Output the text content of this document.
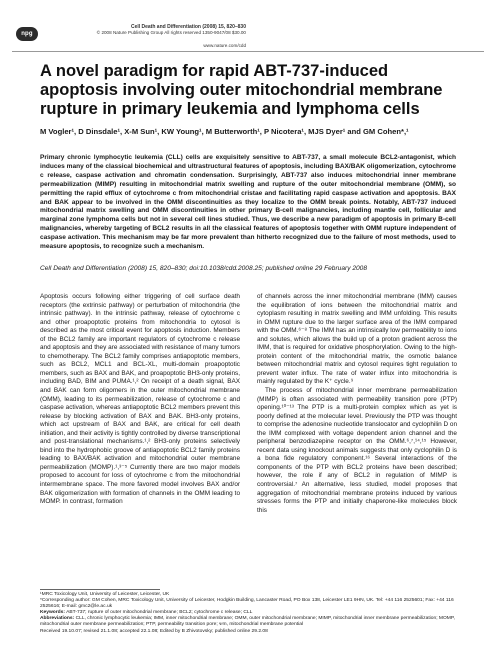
npg
Cell Death and Differentiation (2008) 15, 820–830
© 2008 Nature Publishing Group All rights reserved 1350-9047/08 $30.00
www.nature.com/cdd
A novel paradigm for rapid ABT-737-induced apoptosis involving outer mitochondrial membrane rupture in primary leukemia and lymphoma cells
M Vogler¹, D Dinsdale¹, X-M Sun¹, KW Young¹, M Butterworth¹, P Nicotera¹, MJS Dyer¹ and GM Cohen*,¹
Primary chronic lymphocytic leukemia (CLL) cells are exquisitely sensitive to ABT-737, a small molecule BCL2-antagonist, which induces many of the classical biochemical and ultrastructural features of apoptosis, including BAX/BAK oligomerization, cytochrome c release, caspase activation and chromatin condensation. Surprisingly, ABT-737 also induces mitochondrial inner membrane permeabilization (MIMP) resulting in mitochondrial matrix swelling and rupture of the outer mitochondrial membrane (OMM), so permitting the rapid efflux of cytochrome c from mitochondrial cristae and facilitating rapid caspase activation and apoptosis. BAX and BAK appear to be involved in the OMM discontinuities as they localize to the OMM break points. Notably, ABT-737 induced mitochondrial matrix swelling and OMM discontinuities in other primary B-cell malignancies, including mantle cell, follicular and marginal zone lymphoma cells but not in several cell lines studied. Thus, we describe a new paradigm of apoptosis in primary B-cell malignancies, whereby targeting of BCL2 results in all the classical features of apoptosis together with OMM rupture independent of caspase activation. This mechanism may be far more prevalent than hitherto recognized due to the failure of most methods, used to measure apoptosis, to recognize such a mechanism.
Cell Death and Differentiation (2008) 15, 820–830; doi:10.1038/cdd.2008.25; published online 29 February 2008

Apoptosis occurs following either triggering of cell surface death receptors (the extrinsic pathway) or perturbation of mitochondria (the intrinsic pathway). In the intrinsic pathway, release of cytochrome c and other proapoptotic proteins from mitochondria to cytosol is described as the most critical event for apoptosis induction. Members of the BCL2 family are important regulators of cytochrome c release and apoptosis and they are associated with resistance of many tumors to chemotherapy. The BCL2 family comprises antiapoptotic members, such as BCL2, MCL1 and BCL-XL, multi-domain proapoptotic members, such as BAX and BAK, and proapoptotic BH3-only proteins, including BAD, BIM and PUMA.¹,² On receipt of a death signal, BAX and BAK can form oligomers in the outer mitochondrial membrane (OMM), leading to its permeabilization, release of cytochrome c and caspase activation, whereas antiapoptotic BCL2 members prevent this release by blocking activation of BAX and BAK. BH3-only proteins, which act upstream of BAX and BAK, are critical for cell death initiation, and their activity is tightly controlled by diverse transcriptional and post-translational mechanisms.¹,² BH3-only proteins selectively bind into the hydrophobic groove of antiapoptotic BCL2 family proteins leading to BAX/BAK activation and mitochondrial outer membrane permeabilization (MOMP).¹,³⁻⁵ Currently there are two major models proposed to account for loss of cytochrome c from the mitochondrial intermembrane space. The more favored model involves BAX and/or BAK oligomerization with formation of channels in the OMM leading to MOMP. In contrast, formation

of channels across the inner mitochondrial membrane (IMM) causes the equilibration of ions between the mitochondrial matrix and cytoplasm resulting in matrix swelling and IMM unfolding. This results in OMM rupture due to the larger surface area of the IMM compared with the OMM.⁶⁻⁸ The IMM has an intrinsically low permeability to ions and solutes, which allows the build up of a proton gradient across the IMM, that is required for oxidative phosphorylation. Owing to the high-protein content of the mitochondrial matrix, the osmotic balance between mitochondrial matrix and cytosol requires tight regulation to prevent water influx. The rate of water influx into mitochondria is mainly regulated by the K⁺ cycle.⁹

The process of mitochondrial inner membrane permeabilization (MIMP) is often associated with permeability transition pore (PTP) opening.¹⁰⁻¹³ The PTP is a multi-protein complex which as yet is poorly defined at the molecular level. Previously the PTP was thought to comprise the adenosine nucleotide translocator and cyclophilin D on the IMM complexed with voltage dependent anion channel and the peripheral benzodiazepine receptor on the OMM.⁶,⁷,¹⁴,¹⁵ However, recent data using knockout animals suggests that only cyclophilin D is a bona fide regulatory component.¹⁶ Several interactions of the components of the PTP with BCL2 proteins have been described; however, the role if any of BCL2 in regulation of MIMP is controversial.⁷ An alternative, less studied, model proposes that aggregation of mitochondrial membrane proteins induced by various stresses forms the PTP and initially chaperone-like molecules block this

¹MRC Toxicology Unit, University of Leicester, Leicester, UK
*Corresponding author: GM Cohen, MRC Toxicology Unit, University of Leicester, Hodgkin Building, Lancaster Road, PO Box 138, Leicester LE1 9HN, UK. Tel: +44 116 2525601; Fax: +44 116 2525616; E-mail: gmc2@le.ac.uk
Keywords: ABT-737; rupture of outer mitochondrial membrane; BCL2; cytochrome c release; CLL
Abbreviations: CLL, chronic lymphocytic leukemia; IMM, inner mitochondrial membrane; OMM, outer mitochondrial membrane; MIMP, mitochondrial inner membrane permeabilization; MOMP, mitochondrial outer membrane permeabilization; PTP, permeability transition pore; ᴪm, mitochondrial membrane potential
Received 19.10.07; revised 21.1.08; accepted 22.1.08; Edited by B Zhivotovsky; published online 29.2.08
